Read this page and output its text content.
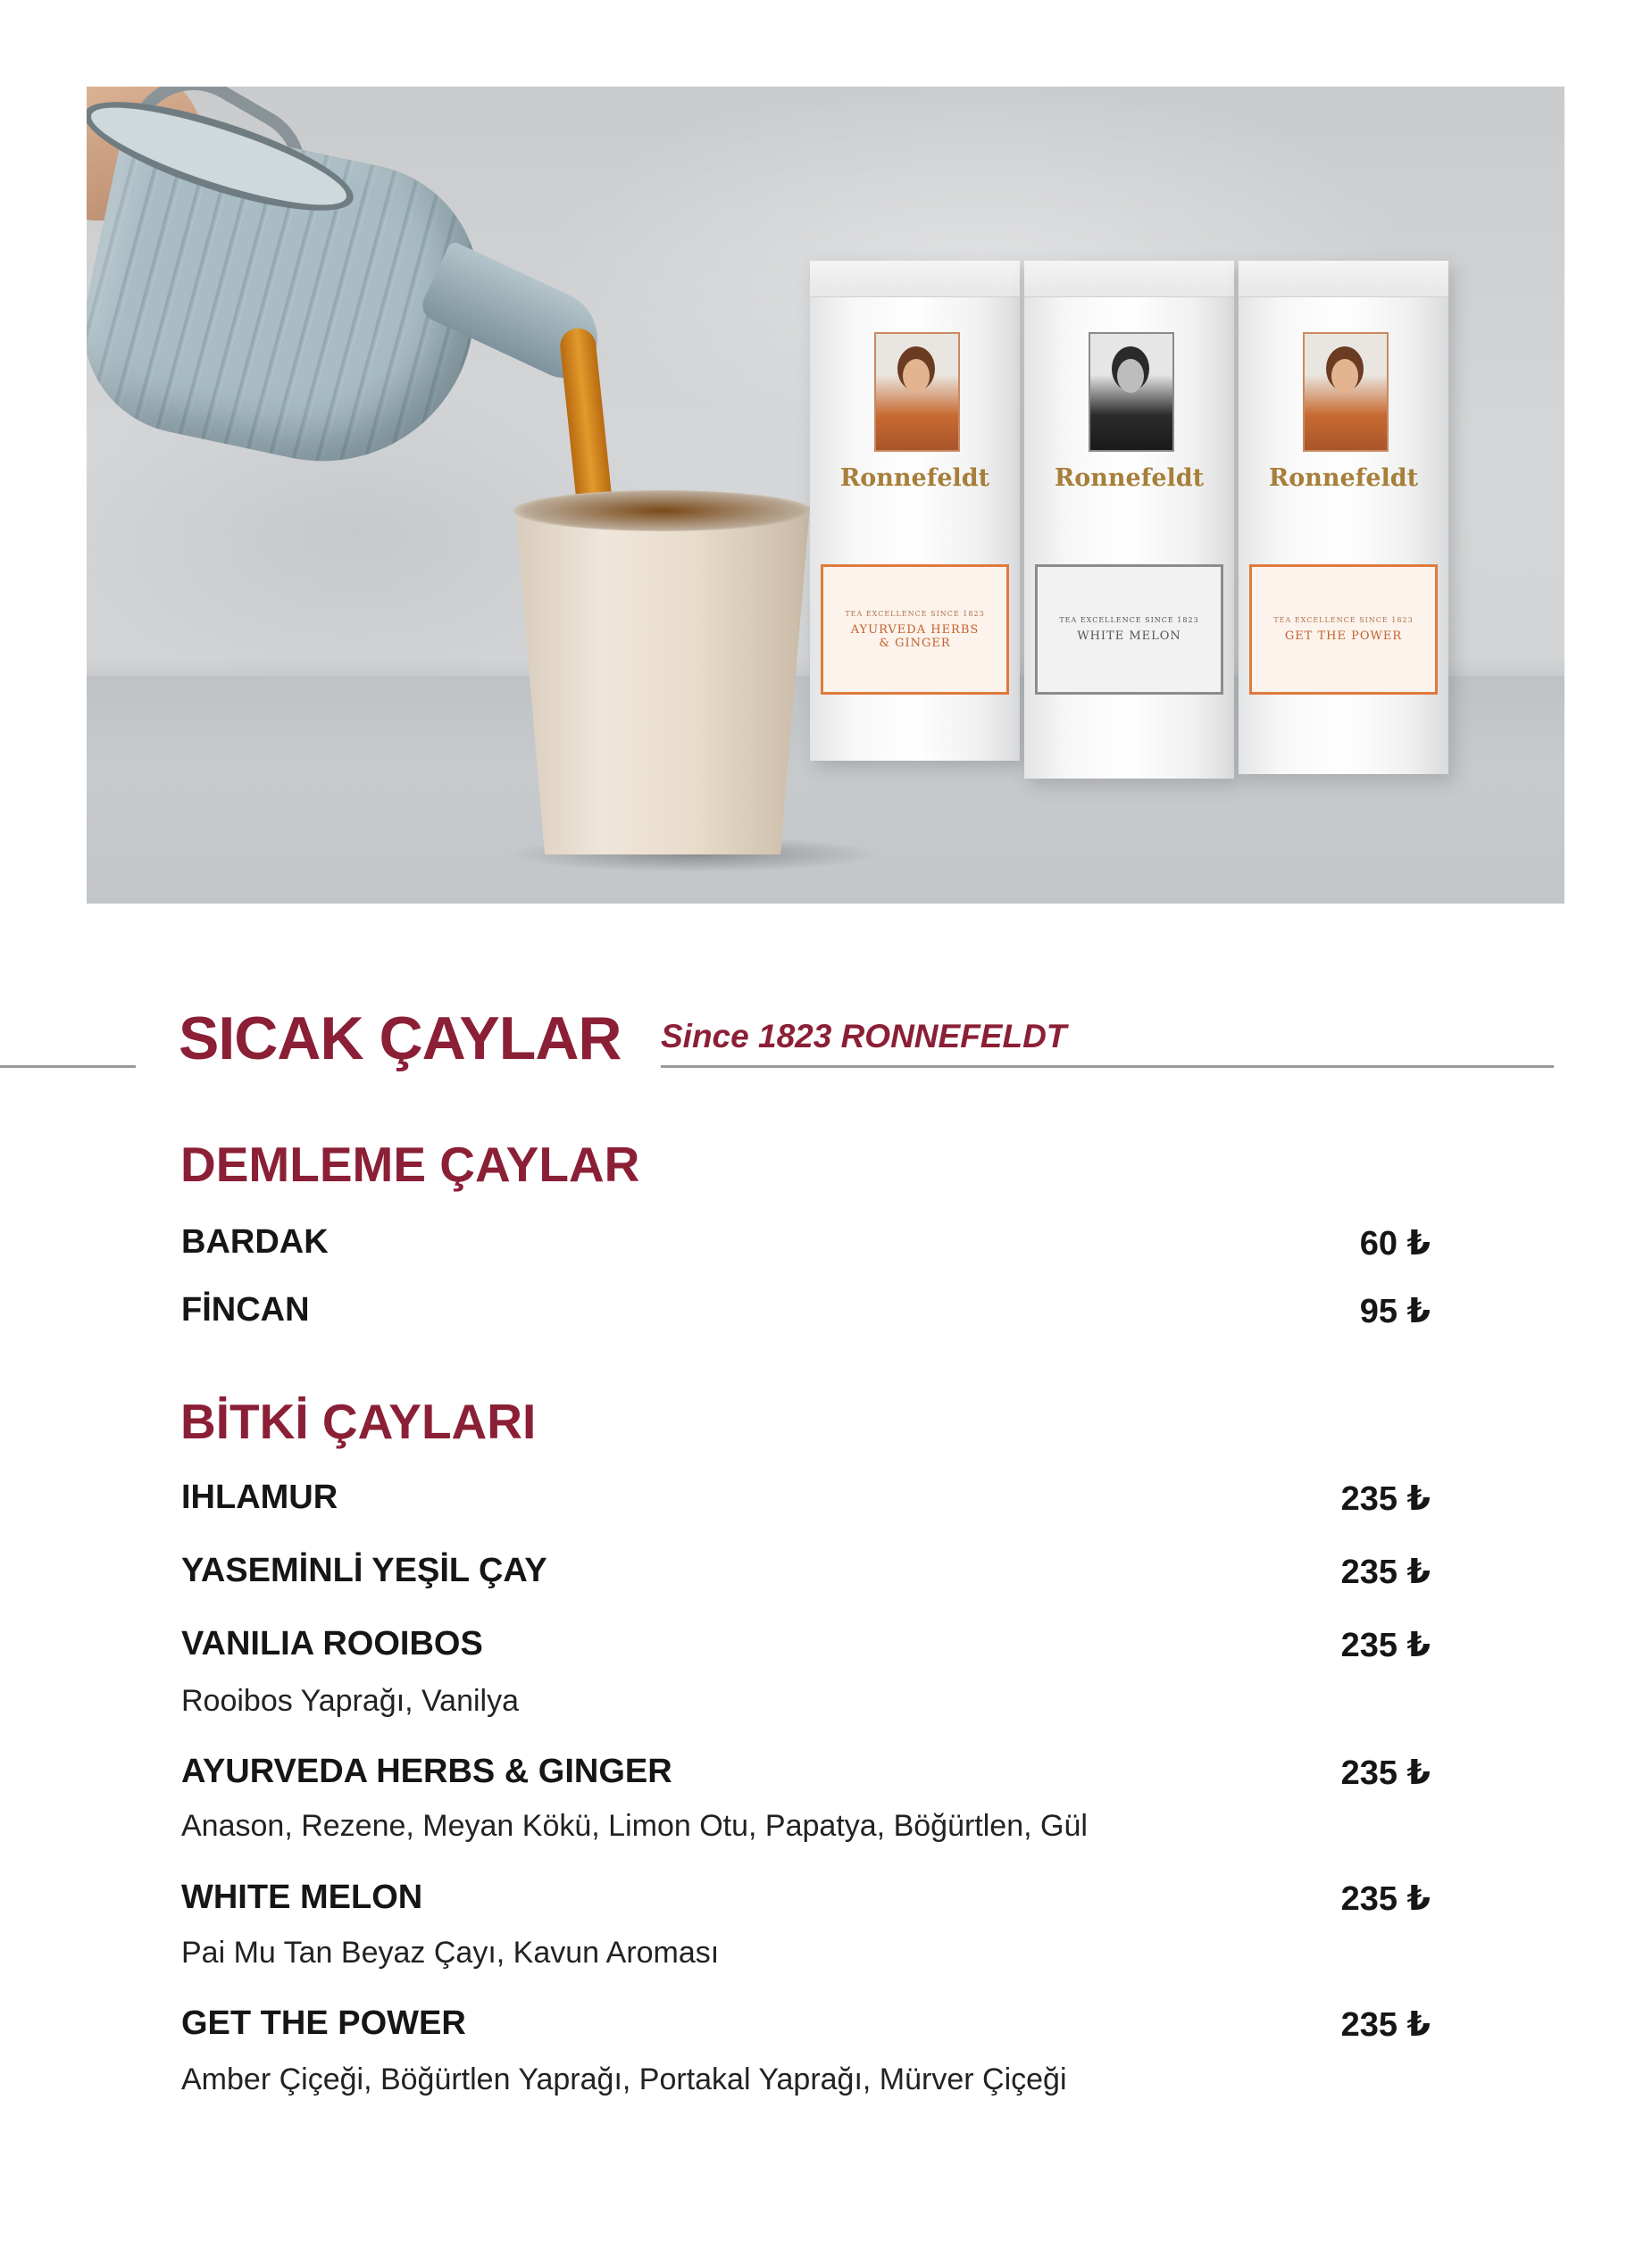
Ronnefeldt
TEA EXCELLENCE SINCE 1823
AYURVEDA HERBS & GINGER
Ronnefeldt
TEA EXCELLENCE SINCE 1823
WHITE MELON
Ronnefeldt
TEA EXCELLENCE SINCE 1823
GET THE POWER
SICAK ÇAYLAR Since 1823 RONNEFELDT
DEMLEME ÇAYLAR
BARDAK	60 ₺
FİNCAN	95 ₺
BİTKİ ÇAYLARI
IHLAMUR	235 ₺
YASEMİNLİ YEŞİL ÇAY	235 ₺
VANILIA ROOIBOS	235 ₺
Rooibos Yaprağı, Vanilya
AYURVEDA HERBS & GINGER	235 ₺
Anason, Rezene, Meyan Kökü, Limon Otu, Papatya, Böğürtlen, Gül
WHITE MELON	235 ₺
Pai Mu Tan Beyaz Çayı, Kavun Aroması
GET THE POWER	235 ₺
Amber Çiçeği, Böğürtlen Yaprağı, Portakal Yaprağı, Mürver Çiçeği
